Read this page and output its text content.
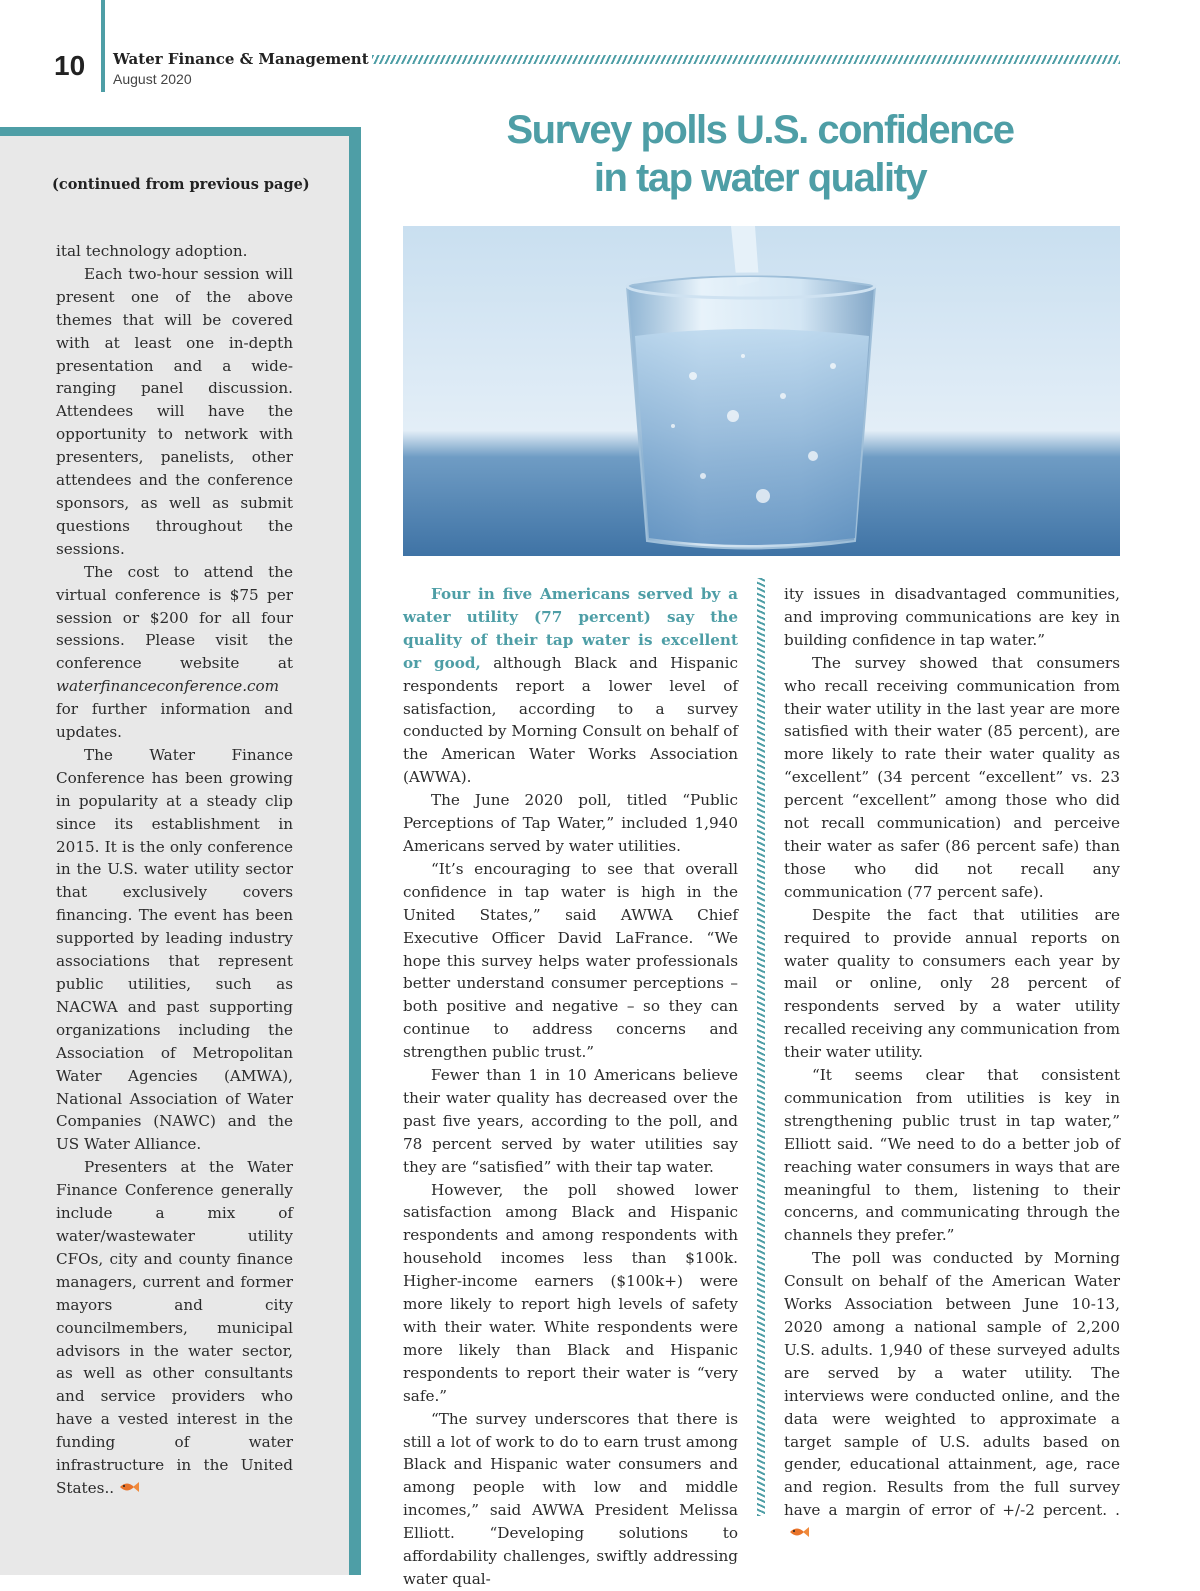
10 Water Finance & Management
August 2020
(continued from previous page)

ital technology adoption.

Each two-hour session will present one of the above themes that will be covered with at least one in-depth presentation and a wide-ranging panel discussion. Attendees will have the opportunity to network with presenters, panelists, other attendees and the conference sponsors, as well as submit questions throughout the sessions.

The cost to attend the virtual conference is $75 per session or $200 for all four sessions. Please visit the conference website at waterfinanceconference.com for further information and updates.

The Water Finance Conference has been growing in popularity at a steady clip since its establishment in 2015. It is the only conference in the U.S. water utility sector that exclusively covers financing. The event has been supported by leading industry associations that represent public utilities, such as NACWA and past supporting organizations including the Association of Metropolitan Water Agencies (AMWA), National Association of Water Companies (NAWC) and the US Water Alliance.

Presenters at the Water Finance Conference generally include a mix of water/wastewater utility CFOs, city and county finance managers, current and former mayors and city councilmembers, municipal advisors in the water sector, as well as other consultants and service providers who have a vested interest in the funding of water infrastructure in the United States..

Survey polls U.S. confidence in tap water quality

Four in five Americans served by a water utility (77 percent) say the quality of their tap water is excellent or good, although Black and Hispanic respondents report a lower level of satisfaction, according to a survey conducted by Morning Consult on behalf of the American Water Works Association (AWWA).

The June 2020 poll, titled “Public Perceptions of Tap Water,” included 1,940 Americans served by water utilities.

“It’s encouraging to see that overall confidence in tap water is high in the United States,” said AWWA Chief Executive Officer David LaFrance. “We hope this survey helps water professionals better understand consumer perceptions – both positive and negative – so they can continue to address concerns and strengthen public trust.”

Fewer than 1 in 10 Americans believe their water quality has decreased over the past five years, according to the poll, and 78 percent served by water utilities say they are “satisfied” with their tap water.

However, the poll showed lower satisfaction among Black and Hispanic respondents and among respondents with household incomes less than $100k. Higher-income earners ($100k+) were more likely to report high levels of safety with their water. White respondents were more likely than Black and Hispanic respondents to report their water is “very safe.”

“The survey underscores that there is still a lot of work to do to earn trust among Black and Hispanic water consumers and among people with low and middle incomes,” said AWWA President Melissa Elliott. “Developing solutions to affordability challenges, swiftly addressing water qual-

ity issues in disadvantaged communities, and improving communications are key in building confidence in tap water.”

The survey showed that consumers who recall receiving communication from their water utility in the last year are more satisfied with their water (85 percent), are more likely to rate their water quality as “excellent” (34 percent “excellent” vs. 23 percent “excellent” among those who did not recall communication) and perceive their water as safer (86 percent safe) than those who did not recall any communication (77 percent safe).

Despite the fact that utilities are required to provide annual reports on water quality to consumers each year by mail or online, only 28 percent of respondents served by a water utility recalled receiving any communication from their water utility.

“It seems clear that consistent communication from utilities is key in strengthening public trust in tap water,” Elliott said. “We need to do a better job of reaching water consumers in ways that are meaningful to them, listening to their concerns, and communicating through the channels they prefer.”

The poll was conducted by Morning Consult on behalf of the American Water Works Association between June 10-13, 2020 among a national sample of 2,200 U.S. adults. 1,940 of these surveyed adults are served by a water utility. The interviews were conducted online, and the data were weighted to approximate a target sample of U.S. adults based on gender, educational attainment, age, race and region. Results from the full survey have a margin of error of +/-2 percent. .
